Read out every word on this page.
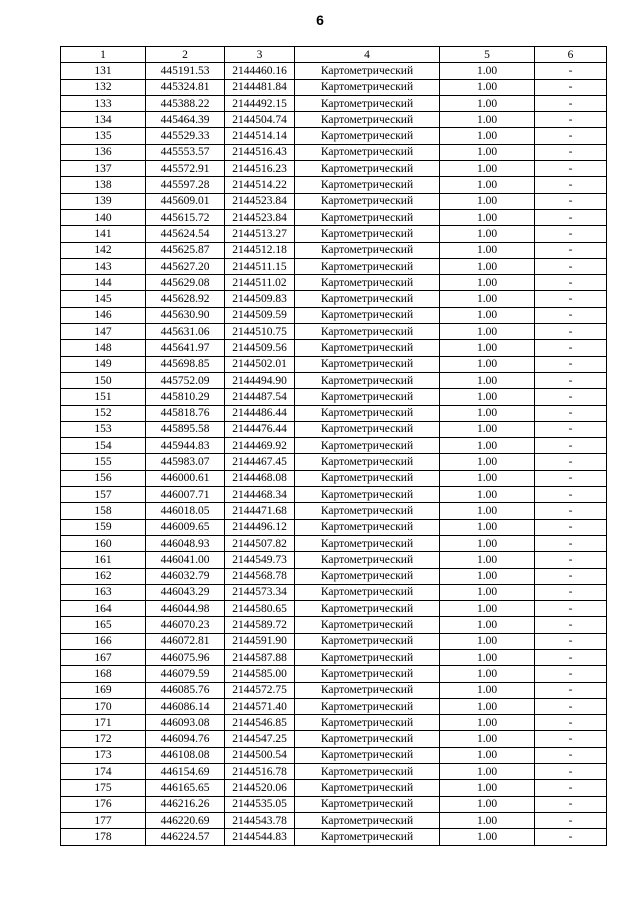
6
1	2	3	4	5	6
131	445191.53	2144460.16	Картометрический	1.00	-
132	445324.81	2144481.84	Картометрический	1.00	-
133	445388.22	2144492.15	Картометрический	1.00	-
134	445464.39	2144504.74	Картометрический	1.00	-
135	445529.33	2144514.14	Картометрический	1.00	-
136	445553.57	2144516.43	Картометрический	1.00	-
137	445572.91	2144516.23	Картометрический	1.00	-
138	445597.28	2144514.22	Картометрический	1.00	-
139	445609.01	2144523.84	Картометрический	1.00	-
140	445615.72	2144523.84	Картометрический	1.00	-
141	445624.54	2144513.27	Картометрический	1.00	-
142	445625.87	2144512.18	Картометрический	1.00	-
143	445627.20	2144511.15	Картометрический	1.00	-
144	445629.08	2144511.02	Картометрический	1.00	-
145	445628.92	2144509.83	Картометрический	1.00	-
146	445630.90	2144509.59	Картометрический	1.00	-
147	445631.06	2144510.75	Картометрический	1.00	-
148	445641.97	2144509.56	Картометрический	1.00	-
149	445698.85	2144502.01	Картометрический	1.00	-
150	445752.09	2144494.90	Картометрический	1.00	-
151	445810.29	2144487.54	Картометрический	1.00	-
152	445818.76	2144486.44	Картометрический	1.00	-
153	445895.58	2144476.44	Картометрический	1.00	-
154	445944.83	2144469.92	Картометрический	1.00	-
155	445983.07	2144467.45	Картометрический	1.00	-
156	446000.61	2144468.08	Картометрический	1.00	-
157	446007.71	2144468.34	Картометрический	1.00	-
158	446018.05	2144471.68	Картометрический	1.00	-
159	446009.65	2144496.12	Картометрический	1.00	-
160	446048.93	2144507.82	Картометрический	1.00	-
161	446041.00	2144549.73	Картометрический	1.00	-
162	446032.79	2144568.78	Картометрический	1.00	-
163	446043.29	2144573.34	Картометрический	1.00	-
164	446044.98	2144580.65	Картометрический	1.00	-
165	446070.23	2144589.72	Картометрический	1.00	-
166	446072.81	2144591.90	Картометрический	1.00	-
167	446075.96	2144587.88	Картометрический	1.00	-
168	446079.59	2144585.00	Картометрический	1.00	-
169	446085.76	2144572.75	Картометрический	1.00	-
170	446086.14	2144571.40	Картометрический	1.00	-
171	446093.08	2144546.85	Картометрический	1.00	-
172	446094.76	2144547.25	Картометрический	1.00	-
173	446108.08	2144500.54	Картометрический	1.00	-
174	446154.69	2144516.78	Картометрический	1.00	-
175	446165.65	2144520.06	Картометрический	1.00	-
176	446216.26	2144535.05	Картометрический	1.00	-
177	446220.69	2144543.78	Картометрический	1.00	-
178	446224.57	2144544.83	Картометрический	1.00	-
